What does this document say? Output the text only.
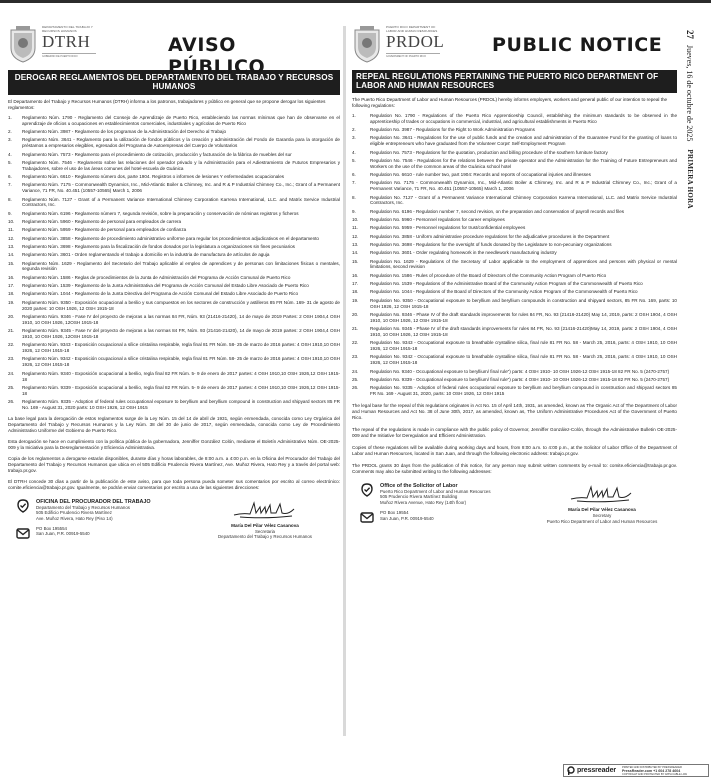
DEPARTAMENTO DEL TRABAJO Y RECURSOS HUMANOS
DTRH
GOBIERNO DE PUERTO RICO
AVISO PÚBLICO
DEROGAR REGLAMENTOS DEL DEPARTAMENTO DEL TRABAJO Y RECURSOS HUMANOS
El Departamento del Trabajo y Recursos Humanos (DTRH) informa a los patronos, trabajadores y público en general que se propone derogar los siguientes reglamentos:
1.	Reglamento Núm. 1790 - Reglamento del Consejo de Aprendizaje de Puerto Rico, estableciendo las normas mínimas que han de observarse en el aprendizaje de oficios u ocupaciones en establecimientos comerciales, industriales y agrícolas de Puerto Rico
2.	Reglamento Núm. 3987 - Reglamento de los programas de la Administración del Derecho al Trabajo
3.	Reglamento Núm. 3641 - Reglamento para la utilización de fondos públicos y la creación y administración del Fondo de Garantía para la otorgación de préstamos a empresarios elegibles, egresados del Programa de Autoempresas del Cuerpo de Voluntarios
4.	Reglamento Núm. 7573 - Reglamento para el procedimiento de cotización, producción y facturación de la fábrica de muebles del sur
5.	Reglamento Núm. 7546 - Reglamento sobre las relaciones del operador privado y la Administración para el Adiestramiento de Futuros Empresarios y Trabajadores, sobre el uso de las áreas comunes del hotel-escuela de Guánica
6.	Reglamento Núm. 6610 - Reglamento número dos, parte 1904. Registros o informes de lesiones Y enfermedades ocupacionales
7.	Reglamento Núm. 7175 - Commonwealth Dynamics, Inc., Mid-Atlantic Boiler & Chimney, Inc. and R & P Industrial Chimney Co., Inc.; Grant of a Permanent Variance, 71 FR, No. 40.451 (10557-10565) March 1, 2006
8.	Reglamento Núm. 7127 - Grant of a Permanent Variance International Chimney Corporation Karrena International, LLC. and Matrix Service Industrial Contractors, Inc.
9.	Reglamento Núm. 6196 - Reglamento número 7, segunda revisión, sobre la preparación y conservación de nóminas registros y ficheros
10.	Reglamento Núm. 5960 - Reglamento de personal para empleados de carrera
11.	Reglamento Núm. 5959 - Reglamento de personal para empleados de confianza
12.	Reglamento Núm. 3858 - Reglamento de procedimiento administrativo uniforme para regular los procedimientos adjudicativos en el departamento
13.	Reglamento Núm. 3698 - Reglamento para la fiscalización de fondos donados por la legislatura a organizaciones sin fines pecuniarios
14.	Reglamento Núm. 3601 - Orden reglamentando el trabajo a domicilio en la industria de manufactura de artículos de aguja
15.	Reglamento Núm. 1629 - Reglamento del Secretario del Trabajo aplicable al empleo de aprendices y de personas con limitaciones físicas o mentales, segunda revisión
16.	Reglamento Núm. 1586 - Reglas de procedimientos de la Junta de Administración del Programa de Acción Comunal de Puerto Rico
17.	Reglamento Núm. 1539 - Reglamento de la Junta Administrativa del Programa de Acción Comunal del Estado Libre Asociado de Puerto Rico
18.	Reglamento Núm. 1044 - Reglamento de la Junta Directiva del Programa de Acción Comunal del Estado Libre Asociado de Puerto Rico
19.	Reglamento Núm. 9350 - Exposición ocupacional a berilio y sus compuestos en los sectores de construcción y astilleros 85 FR Núm. 169- 31 de agosto de 2020 partes: 10 OSH 1926, 12 OSH 1915-18
20.	Reglamento Núm. 9346 - Fase IV del proyecto de mejoras a las normas 84 FR, Núm. 93 (21416-21420), 14 de mayo de 2019 Partes: 2 OSH 1904,4 OSH 1910, 10 OSH 1926, 12OSH 1915-18
21.	Reglamento Núm. 9345 - Fase IV del proyecto de mejoras a las normas 84 FR, Núm. 93 (21416-21420), 14 de mayo de 2019 partes: 2 OSH 1904,4 OSH 1910, 10 OSH 1926, 12OSH 1915-18
22.	Reglamento Núm. 9343 - Exposición ocupacional a sílice cristalina respirable, regla final 81 FR Núm. 58- 25 de marzo de 2016 partes: 4 OSH 1910,10 OSH 1926, 12 OSH 1915-18
23.	Reglamento Núm. 9342 - Exposición ocupacional a sílice cristalina respirable, regla final 81 FR Núm. 58- 25 de marzo de 2016 partes: 4 OSH 1910,10 OSH 1926, 12 OSH 1915-18
24.	Reglamento Núm. 9340 - Exposición ocupacional a berilio, regla final 82 FR Núm. 5- 9 de enero de 2017 partes: 4 OSH 1910,10 OSH 1926,12 OSH 1915-18
25.	Reglamento Núm. 9339 - Exposición ocupacional a berilio, regla final 82 FR Núm. 5- 9 de enero de 2017 partes: 4 OSH 1910,10 OSH 1926,12 OSH 1915-18
26.	Reglamento Núm. 9335 - Adoption of federal rules occupational exposure to beryllium and beryllium compound in construction and shipyard sectors 85 FR No. 169 - August 31, 2020 parts: 10 OSH 1926, 12 OSH 1915
La base legal para la derogación de estos reglamentos surge de la Ley Núm. 15 del 14 de abril de 1931, según enmendada, conocida como Ley Orgánica del Departamento del Trabajo y Recursos Humanos y la Ley Núm. 38 del 30 de junio de 2017, según enmendada, conocida como Ley de Procedimiento Administrativo Uniforme del Gobierno de Puerto Rico.
Esta derogación se hace en cumplimiento con la política pública de la gobernadora, Jenniffer González Colón, mediante el Boletín Administrativo Núm. OE-2025-009 y la Iniciativa para la Desreglamentación y Eficiencia Administrativa.
Copia de los reglamentos a derogarse estarán disponibles, durante días y horas laborables, de 8:00 a.m. a 4:00 p.m. en la Oficina del Procurador del Trabajo del Departamento del Trabajo y Recursos Humanos que ubica en el 505 Edificio Prudencio Rivera Martínez, Ave. Muñoz Rivera, Hato Rey y a través del portal web: trabajo.pr.gov.
El DTRH concede 30 días a partir de la publicación de este aviso, para que toda persona pueda someter sus comentarios por escrito al correo electrónico: comite.eficiencia@trabajo.pr.gov. Igualmente, se podrán enviar comentarios por escrito a una de las siguientes direcciones:
OFICINA DEL PROCURADOR DEL TRABAJO
Departamento del Trabajo y Recursos Humanos
505 Edificio Prudencio Rivera Martínez
Ave. Muñoz Rivera, Hato Rey (Piso 14)
PO Box 195554
San Juan, P.R. 00919-5540
María Del Pilar Vélez Casanova
Secretaria
Departamento del Trabajo y Recursos Humanos
PUERTO RICO DEPARTMENT OF LABOR AND HUMAN RESOURCES
PRDOL
GOVERNMENT OF PUERTO RICO
PUBLIC NOTICE
REPEAL REGULATIONS PERTAINING THE PUERTO RICO DEPARTMENT OF LABOR AND HUMAN RESOURCES
The Puerto Rico Department of Labor and Human Resources (PRDOL) hereby informs employers, workers and general public of our intention to repeal the following regulations:
1.	Regulation No. 1790 - Regulations of the Puerto Rico Apprenticeship Council, establishing the minimum standards to be observed in the apprenticeship of trades or occupations in commercial, industrial, and agricultural establishments in Puerto Rico
2.	Regulation No. 3987 - Regulations for the Right to Work Administration Programs
3.	Regulation No. 3641 - Regulations for the use of public funds and the creation and administration of the Guarantee Fund for the granting of loans to eligible entrepreneurs who have graduated from the Volunteer Corps' Self-Employment Program
4.	Regulation No. 7573 - Regulations for the quotation, production and billing procedure of the southern furniture factory
5.	Regulation No. 7546 - Regulations for the relations between the private operator and the Administration for the Training of Future Entrepreneurs and Workers on the use of the common areas of the Guánica school hotel
6.	Regulation No. 6610 - rule number two, part 1904: Records and reports of occupational injuries and illnesses
7.	Regulation No. 7175 - Commonwealth Dynamics, Inc., Mid-Atlantic Boiler & Chimney, Inc. and R & P Industrial Chimney Co., Inc.; Grant of a Permanent Variance, 71 FR, No. 40.451 (10557-10565) March 1, 2006
8.	Regulation No. 7127 - Grant of a Permanent Variance International Chimney Corporation Karrena International, LLC. and Matrix Service Industrial Contractors, Inc.
9.	Regulation No. 6196 - Regulation number 7, second revision, on the preparation and conservation of payroll records and files
10.	Regulation No. 5960 - Personnel regulations for career employees
11.	Regulation No. 5959 - Personnel regulations for trust/confidential employees
12.	Regulation No. 3858 - Uniform administrative procedure regulations for the adjudicative procedures in the Department
13.	Regulation No. 3698 - Regulations for the oversight of funds donated by the Legislature to non-pecuniary organizations
14.	Regulation No. 3601 - Order regulating homework in the needlework manufacturing industry
15.	Regulation No. 1629 - Regulations of the Secretary of Labor applicable to the employment of apprentices and persons with physical or mental limitations, second revision
16.	Regulation No. 1586 - Rules of procedure of the Board of Directors of the Community Action Program of Puerto Rico
17.	Regulation No. 1539 - Regulations of the Administrative Board of the Community Action Program of the Commonwealth of Puerto Rico
18.	Regulation No. 1044 - Regulations of the Board of Directors of the Community Action Program of the Commonwealth of Puerto Rico
19.	Regulation No. 9350 - Occupational exposure to beryllium and beryllium compounds in construction and shipyard sectors, 85 FR No. 169, parts: 10 OSH 1926, 12 OSH 1915-18
20.	Regulation No. 9346 - Phase IV of the draft standards improvements for rules 84 FR, No. 93 (21416-21420) May 14, 2019, parts: 2 OSH 1904, 4 OSH 1910, 10 OSH 1926, 12 OSH 1915-18
21.	Regulation No. 9345 - Phase IV of the draft standards improvements for rules 84 FR, No. 93 (21416-21420)May 14, 2019, parts: 2 OSH 1904, 4 OSH 1910, 10 OSH 1926, 12 OSH 1915-18
22.	Regulation No. 9343 - Occupational exposure to breathable crystalline silica, final rule 81 FR No. 58 - March 25, 2016, parts: 4 OSH 1910, 10 OSH 1926, 12 OSH 1915-18
23.	Regulation No. 9342 - Occupational exposure to breathable crystalline silica, final rule 81 FR No. 58 - March 25, 2016, parts: 4 OSH 1910, 10 OSH 1926, 12 OSH 1915-18
24.	Regulation No. 9340 - Occupational exposure to beryllium/ final rule") parts: 4 OSH 1910- 10 OSH 1926-12 OSH 1915-18 82 FR No. 5 (2470-2757)
25.	Regulation No. 9339 - Occupational exposure to beryllium/ final rule") parts: 4 OSH 1910- 10 OSH 1926-12 OSH 1915-18 82 FR No. 5 (2470-2757)
26.	Regulation No. 9335 - Adoption of federal rules occupational exposure to beryllium and beryllium compound in construction and shipyard sectors 85 FR No. 169 - August 31, 2020, parts: 10 OSH 1926, 12 OSH 1915
The legal base for the repeal of this regulations originates in Act No. 15 of April 14th, 1931, as amended, known as The Organic Act of The Department of Labor and Human Resources and Act No. 38 of June 30th, 2017, as amended, known as, The Uniform Administrative Procedures Act of the Government of Puerto Rico.
The repeal of the regulations is made in compliance with the public policy of Governor, Jenniffer González-Colón, through the Administrative Bulletin OE-2025-009 and the Initiative for Deregulation and Efficient Administration.
Copies of these regulations will be available during working days and hours, from 8:00 a.m. to 4:00 p.m., at the Solicitor of Labor Office of the Department of Labor and Human Resources, located in San Juan, and through the following electronic address: trabajo.pr.gov.
The PRDOL grants 30 days from the publication of this notice, for any person may submit written comments by e-mail to: comite.eficiencia@trabajo.pr.gov. Comments may also be submitted writing to the following addresses:
Office of the Solicitor of Labor
Puerto Rico Department of Labor and Human Resources
505 Prudencio Rivera Martínez Building
Muñoz Rivera Avenue, Hato Rey (14th floor)
PO Box 19554
San Juan, P.R. 00919-5540
María Del Pilar Vélez Casanova
Secretary
Puerto Rico Department of Labor and Human Resources
27
Jueves, 16 de octubre de 2025
PRIMERA HORA
pressreader PRINTED AND DISTRIBUTED BY PRESSREADER
PressReader.com +1 604 278 4604
COPYRIGHT AND PROTECTED BY APPLICABLE LAW
